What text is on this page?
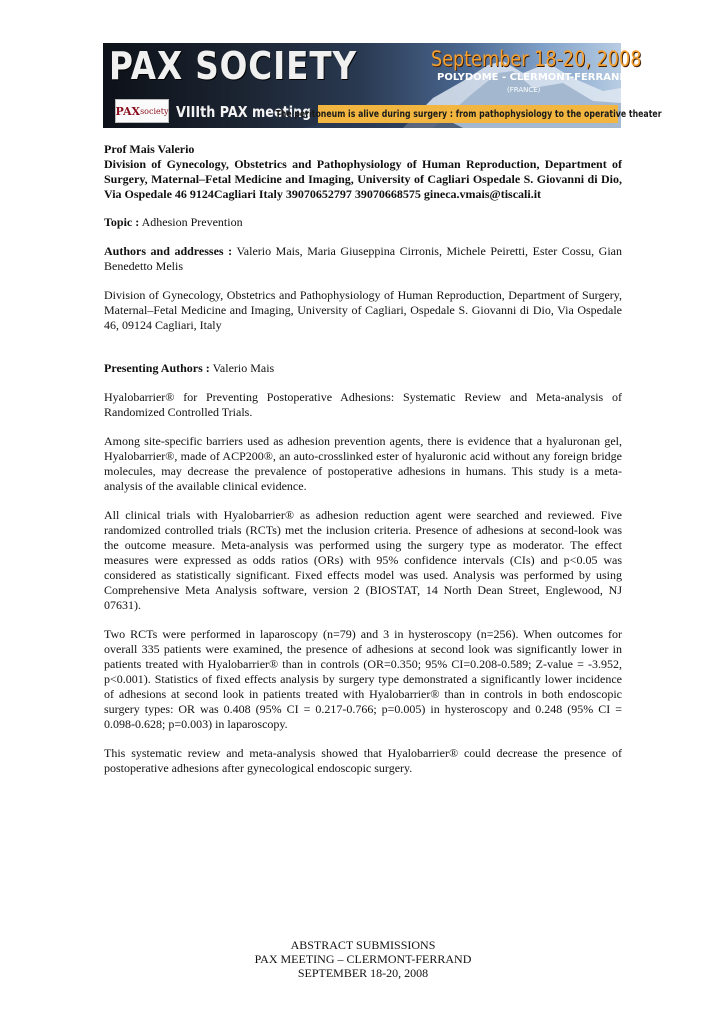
PAX SOCIETY
PAX society VIIIth PAX meeting
September 18-20, 2008
POLYDOME - CLERMONT-FERRAND
(FRANCE)
The peritoneum is alive during surgery : from pathophysiology to the operative theater

Prof Mais Valerio

Division of Gynecology, Obstetrics and Pathophysiology of Human Reproduction, Department of Surgery, Maternal–Fetal Medicine and Imaging, University of Cagliari Ospedale S. Giovanni di Dio, Via Ospedale 46 9124Cagliari Italy 39070652797 39070668575 gineca.vmais@tiscali.it

Topic : Adhesion Prevention

Authors and addresses : Valerio Mais, Maria Giuseppina Cirronis, Michele Peiretti, Ester Cossu, Gian Benedetto Melis

Division of Gynecology, Obstetrics and Pathophysiology of Human Reproduction, Department of Surgery, Maternal–Fetal Medicine and Imaging, University of Cagliari, Ospedale S. Giovanni di Dio, Via Ospedale 46, 09124 Cagliari, Italy

Presenting Authors : Valerio Mais

Hyalobarrier® for Preventing Postoperative Adhesions: Systematic Review and Meta-analysis of Randomized Controlled Trials.

Among site-specific barriers used as adhesion prevention agents, there is evidence that a hyaluronan gel, Hyalobarrier®, made of ACP200®, an auto-crosslinked ester of hyaluronic acid without any foreign bridge molecules, may decrease the prevalence of postoperative adhesions in humans. This study is a meta-analysis of the available clinical evidence.

All clinical trials with Hyalobarrier® as adhesion reduction agent were searched and reviewed. Five randomized controlled trials (RCTs) met the inclusion criteria. Presence of adhesions at second-look was the outcome measure. Meta-analysis was performed using the surgery type as moderator. The effect measures were expressed as odds ratios (ORs) with 95% confidence intervals (CIs) and p<0.05 was considered as statistically significant. Fixed effects model was used. Analysis was performed by using Comprehensive Meta Analysis software, version 2 (BIOSTAT, 14 North Dean Street, Englewood, NJ 07631).

Two RCTs were performed in laparoscopy (n=79) and 3 in hysteroscopy (n=256). When outcomes for overall 335 patients were examined, the presence of adhesions at second look was significantly lower in patients treated with Hyalobarrier® than in controls (OR=0.350; 95% CI=0.208-0.589; Z-value = -3.952, p<0.001). Statistics of fixed effects analysis by surgery type demonstrated a significantly lower incidence of adhesions at second look in patients treated with Hyalobarrier® than in controls in both endoscopic surgery types: OR was 0.408 (95% CI = 0.217-0.766; p=0.005) in hysteroscopy and 0.248 (95% CI = 0.098-0.628; p=0.003) in laparoscopy.

This systematic review and meta-analysis showed that Hyalobarrier® could decrease the presence of postoperative adhesions after gynecological endoscopic surgery.

ABSTRACT SUBMISSIONS
PAX MEETING – CLERMONT-FERRAND
SEPTEMBER 18-20, 2008
